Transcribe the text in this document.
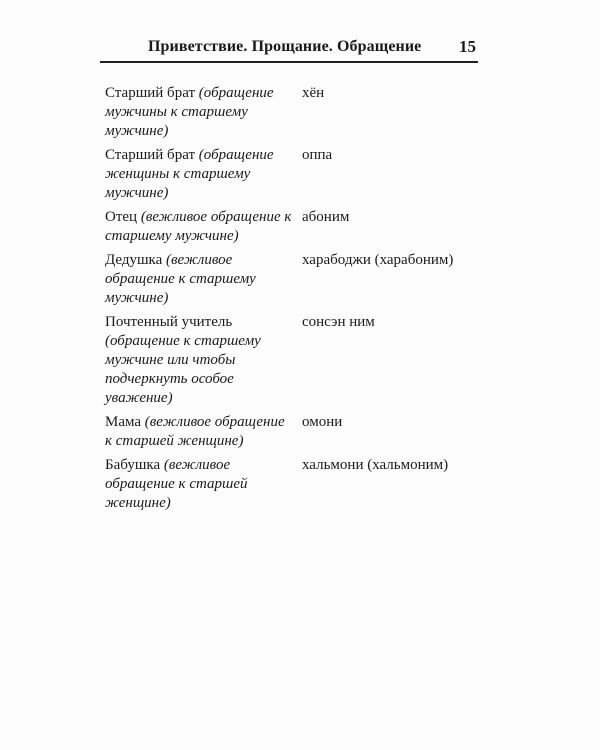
Приветствие. Прощание. Обращение 15
Старший брат (обращение мужчины к старшему мужчине)
хён
Старший брат (обращение женщины к старшему мужчине)
оппа
Отец (вежливое обращение к старшему мужчине)
абоним
Дедушка (вежливое обращение к старшему мужчине)
харабоджи (харабоним)
Почтенный учитель (обращение к старшему мужчине или чтобы подчеркнуть особое уважение)
сонсэн ним
Мама (вежливое обращение к старшей женщине)
омони
Бабушка (вежливое обращение к старшей женщине)
хальмони (хальмоним)
